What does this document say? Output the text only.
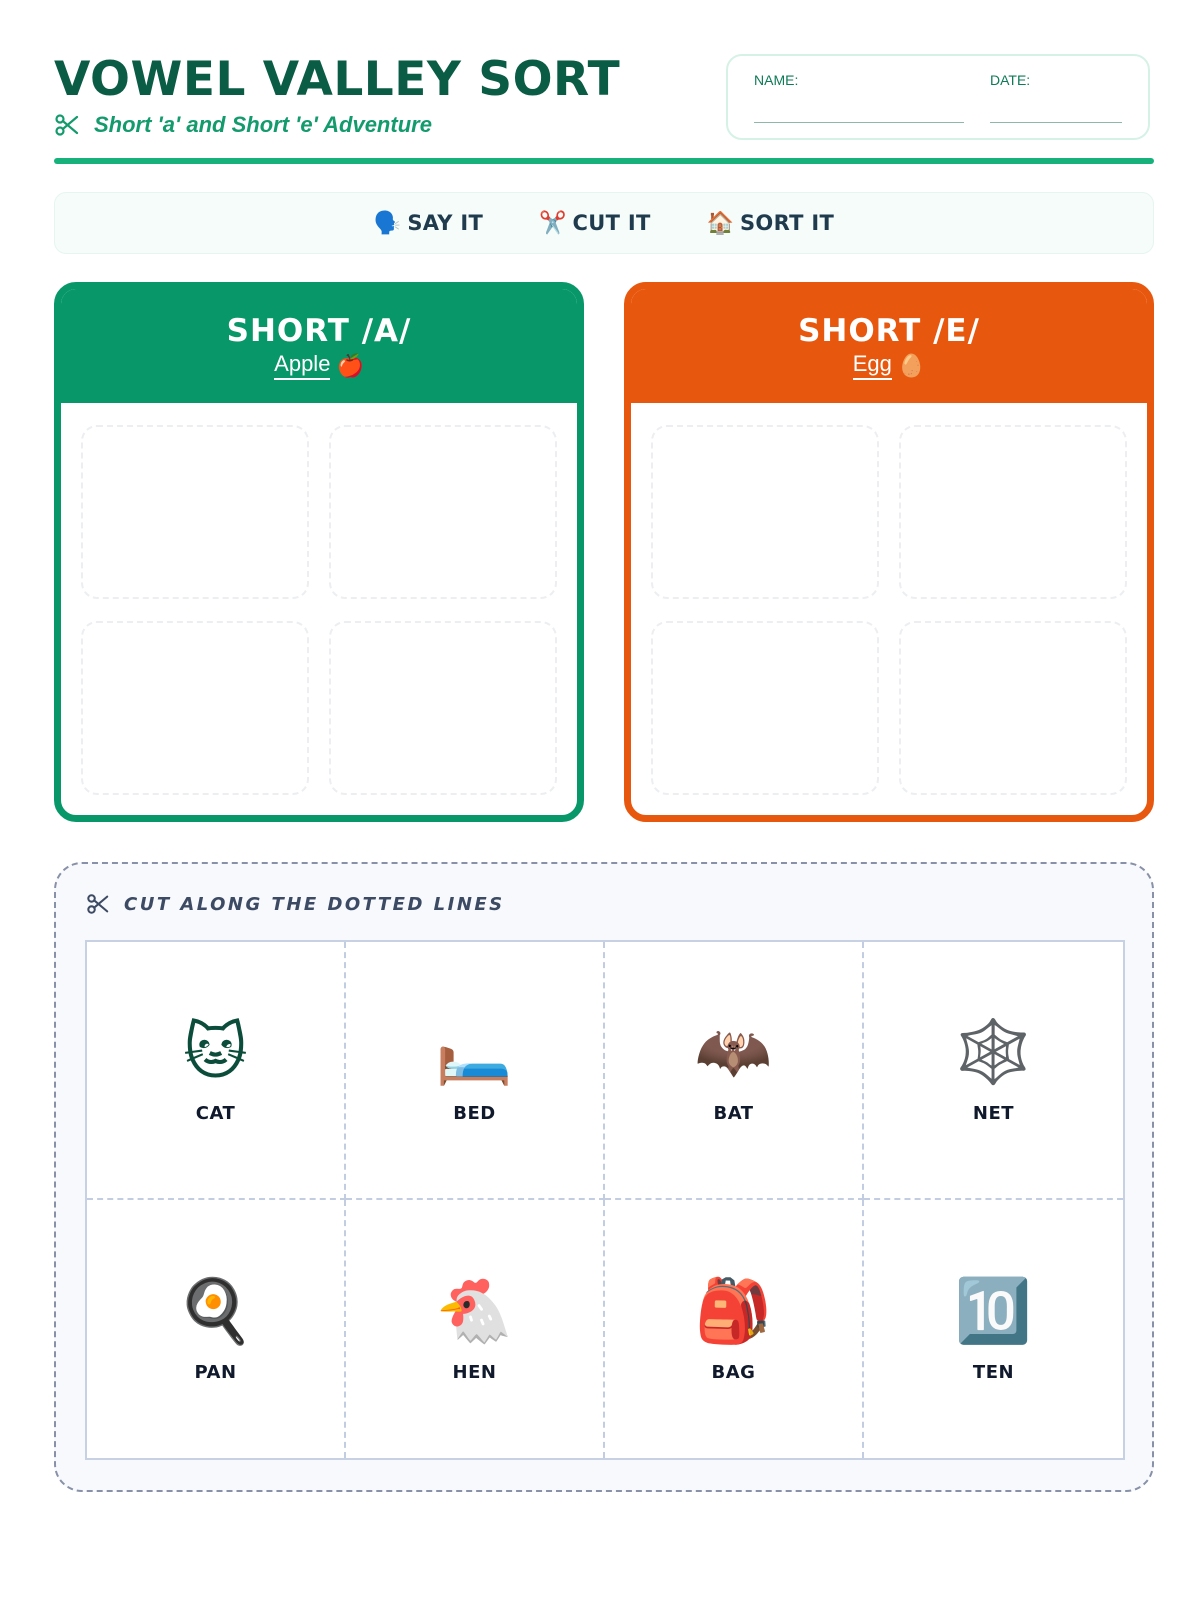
VOWEL VALLEY SORT
Short 'a' and Short 'e' Adventure
NAME:	DATE:
🗣️ SAY IT	✂️ CUT IT	🏠 SORT IT
SHORT /A/
Apple 🍎
SHORT /E/
Egg 🥚
CUT ALONG THE DOTTED LINES
🐱
CAT
🛏️
BED
🦇
BAT
🕸️
NET
🍳
PAN
🐔
HEN
🎒
BAG
🔟
TEN
